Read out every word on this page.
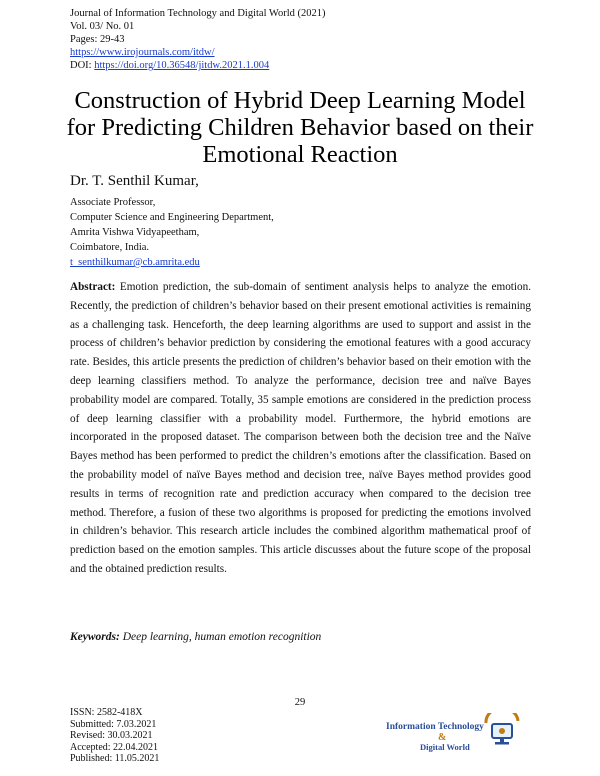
Journal of Information Technology and Digital World (2021)
Vol. 03/ No. 01
Pages: 29-43
https://www.irojournals.com/itdw/
DOI: https://doi.org/10.36548/jitdw.2021.1.004
Construction of Hybrid Deep Learning Model
for Predicting Children Behavior based on their
Emotional Reaction
Dr. T. Senthil Kumar,
Associate Professor,
Computer Science and Engineering Department,
Amrita Vishwa Vidyapeetham,
Coimbatore, India.
t_senthilkumar@cb.amrita.edu
Abstract: Emotion prediction, the sub-domain of sentiment analysis helps to analyze the emotion. Recently, the prediction of children’s behavior based on their present emotional activities is remaining as a challenging task. Henceforth, the deep learning algorithms are used to support and assist in the process of children’s behavior prediction by considering the emotional features with a good accuracy rate. Besides, this article presents the prediction of children’s behavior based on their emotion with the deep learning classifiers method. To analyze the performance, decision tree and naïve Bayes probability model are compared. Totally, 35 sample emotions are considered in the prediction process of deep learning classifier with a probability model. Furthermore, the hybrid emotions are incorporated in the proposed dataset. The comparison between both the decision tree and the Naïve Bayes method has been performed to predict the children’s emotions after the classification. Based on the probability model of naïve Bayes method and decision tree, naïve Bayes method provides good results in terms of recognition rate and prediction accuracy when compared to the decision tree method. Therefore, a fusion of these two algorithms is proposed for predicting the emotions involved in children’s behavior. This research article includes the combined algorithm mathematical proof of prediction based on the emotion samples. This article discusses about the future scope of the proposal and the obtained prediction results.
Keywords: Deep learning, human emotion recognition
29
ISSN: 2582-418X
Submitted: 7.03.2021
Revised: 30.03.2021
Accepted: 22.04.2021
Published: 11.05.2021
Information Technology
&
Digital World
